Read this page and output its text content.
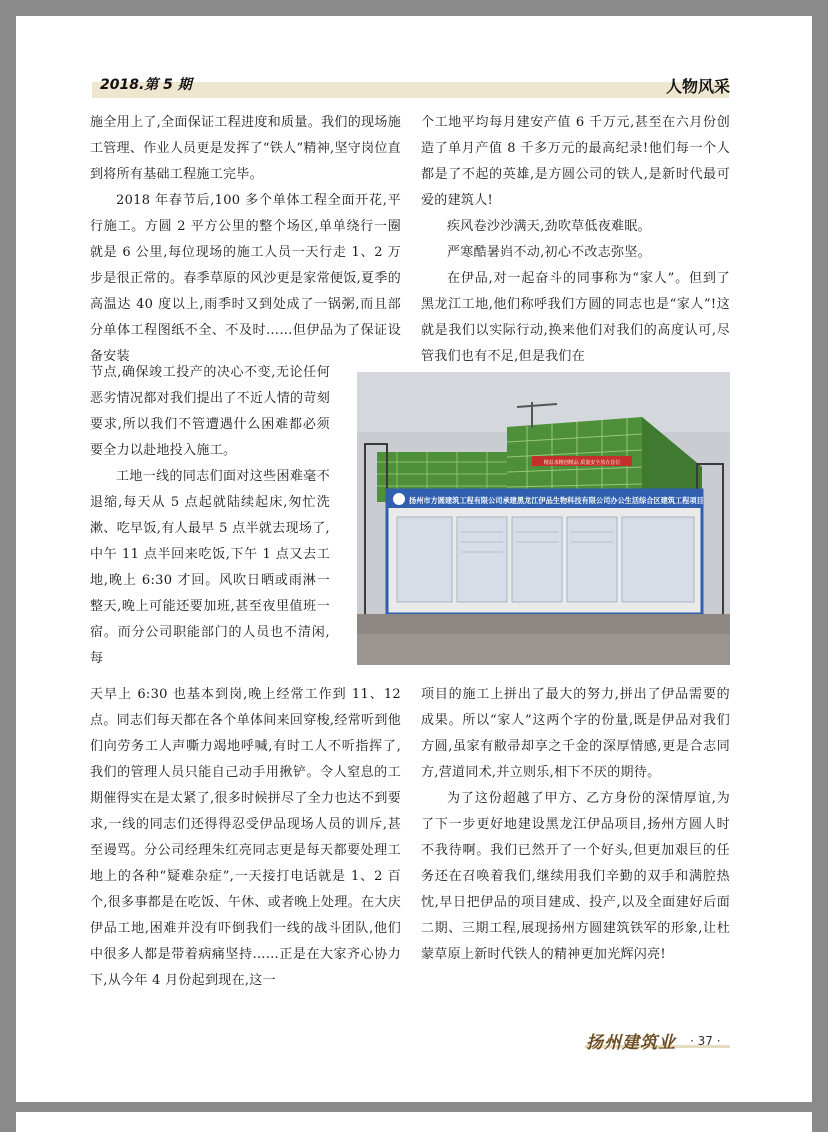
2018.第 5 期	人物风采

施全用上了,全面保证工程进度和质量。我们的现场施工管理、作业人员更是发挥了“铁人”精神,坚守岗位直到将所有基础工程施工完毕。

2018 年春节后,100 多个单体工程全面开花,平行施工。方圆 2 平方公里的整个场区,单单绕行一圈就是 6 公里,每位现场的施工人员一天行走 1、2 万步是很正常的。春季草原的风沙更是家常便饭,夏季的高温达 40 度以上,雨季时又到处成了一锅粥,而且部分单体工程图纸不全、不及时……但伊品为了保证设备安装

节点,确保竣工投产的决心不变,无论任何恶劣情况都对我们提出了不近人情的苛刻要求,所以我们不管遭遇什么困难都必须要全力以赴地投入施工。

工地一线的同志们面对这些困难毫不退缩,每天从 5 点起就陆续起床,匆忙洗漱、吃早饭,有人最早 5 点半就去现场了,中午 11 点半回来吃饭,下午 1 点又去工地,晚上 6:30 才回。风吹日晒或雨淋一整天,晚上可能还要加班,甚至夜里值班一宿。而分公司职能部门的人员也不清闲,每

天早上 6:30 也基本到岗,晚上经常工作到 11、12 点。同志们每天都在各个单体间来回穿梭,经常听到他们向劳务工人声嘶力竭地呼喊,有时工人不听指挥了,我们的管理人员只能自己动手用揪铲。令人窒息的工期催得实在是太紧了,很多时候拼尽了全力也达不到要求,一线的同志们还得得忍受伊品现场人员的训斥,甚至谩骂。分公司经理朱红亮同志更是每天都要处理工地上的各种“疑难杂症”,一天接打电话就是 1、2 百个,很多事都是在吃饭、午休、或者晚上处理。在大庆伊品工地,困难并没有吓倒我们一线的战斗团队,他们中很多人都是带着病痛坚持……正是在大家齐心协力下,从今年 4 月份起到现在,这一

个工地平均每月建安产值 6 千万元,甚至在六月份创造了单月产值 8 千多万元的最高纪录!他们每一个人都是了不起的英雄,是方圆公司的铁人,是新时代最可爱的建筑人!

疾风卷沙沙满天,劲吹草低夜难眠。

严寒酷暑岿不动,初心不改志弥坚。

在伊品,对一起奋斗的同事称为“家人”。但到了黑龙江工地,他们称呼我们方圆的同志也是“家人”!这就是我们以实际行动,换来他们对我们的高度认可,尽管我们也有不足,但是我们在

项目的施工上拼出了最大的努力,拼出了伊品需要的成果。所以“家人”这两个字的份量,既是伊品对我们方圆,虽家有敝帚却享之千金的深厚情感,更是合志同方,营道同术,并立则乐,相下不厌的期待。

为了这份超越了甲方、乙方身份的深情厚谊,为了下一步更好地建设黑龙江伊品项目,扬州方圆人时不我待啊。我们已然开了一个好头,但更加艰巨的任务还在召唤着我们,继续用我们辛勤的双手和满腔热忱,早日把伊品的项目建成、投产,以及全面建好后面二期、三期工程,展现扬州方圆建筑铁军的形象,让杜蒙草原上新时代铁人的精神更加光辉闪亮!

精益求精创精品 质量安全放在首位
扬州市方圆建筑工程有限公司承建黑龙江伊品生物科技有限公司办公生活综合区建筑工程项目
扬州建筑业 · 37 ·
